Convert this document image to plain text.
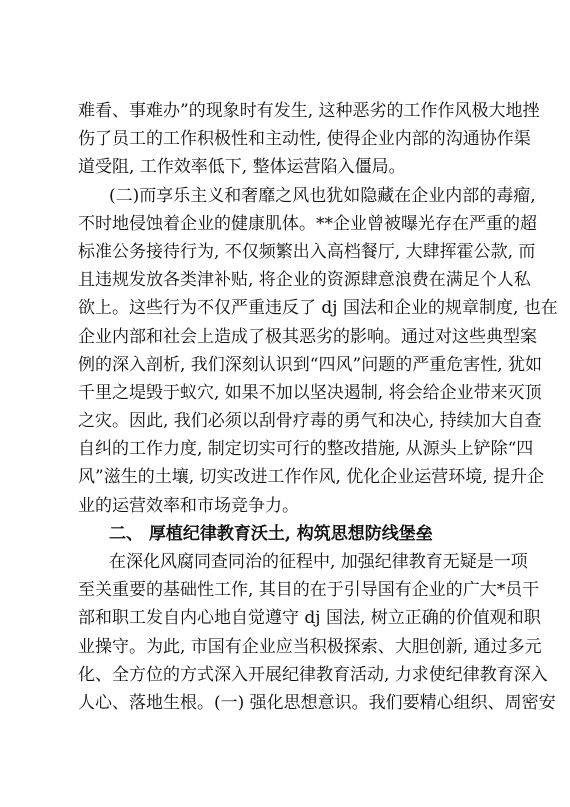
难看、事难办”的现象时有发生, 这种恶劣的工作作风极大地挫
伤了员工的工作积极性和主动性, 使得企业内部的沟通协作渠
道受阻, 工作效率低下, 整体运营陷入僵局。
(二)而享乐主义和奢靡之风也犹如隐藏在企业内部的毒瘤,
不时地侵蚀着企业的健康肌体。**企业曾被曝光存在严重的超
标准公务接待行为, 不仅频繁出入高档餐厅, 大肆挥霍公款, 而
且违规发放各类津补贴, 将企业的资源肆意浪费在满足个人私
欲上。这些行为不仅严重违反了 dj 国法和企业的规章制度, 也在
企业内部和社会上造成了极其恶劣的影响。通过对这些典型案
例的深入剖析, 我们深刻认识到“四风”问题的严重危害性, 犹如
千里之堤毁于蚁穴, 如果不加以坚决遏制, 将会给企业带来灭顶
之灾。因此, 我们必须以刮骨疗毒的勇气和决心, 持续加大自查
自纠的工作力度, 制定切实可行的整改措施, 从源头上铲除“四
风”滋生的土壤, 切实改进工作作风, 优化企业运营环境, 提升企
业的运营效率和市场竞争力。
二、 厚植纪律教育沃土, 构筑思想防线堡垒
在深化风腐同查同治的征程中, 加强纪律教育无疑是一项
至关重要的基础性工作, 其目的在于引导国有企业的广大*员干
部和职工发自内心地自觉遵守 dj 国法, 树立正确的价值观和职
业操守。为此, 市国有企业应当积极探索、大胆创新, 通过多元
化、全方位的方式深入开展纪律教育活动, 力求使纪律教育深入
人心、落地生根。(一) 强化思想意识。我们要精心组织、周密安
